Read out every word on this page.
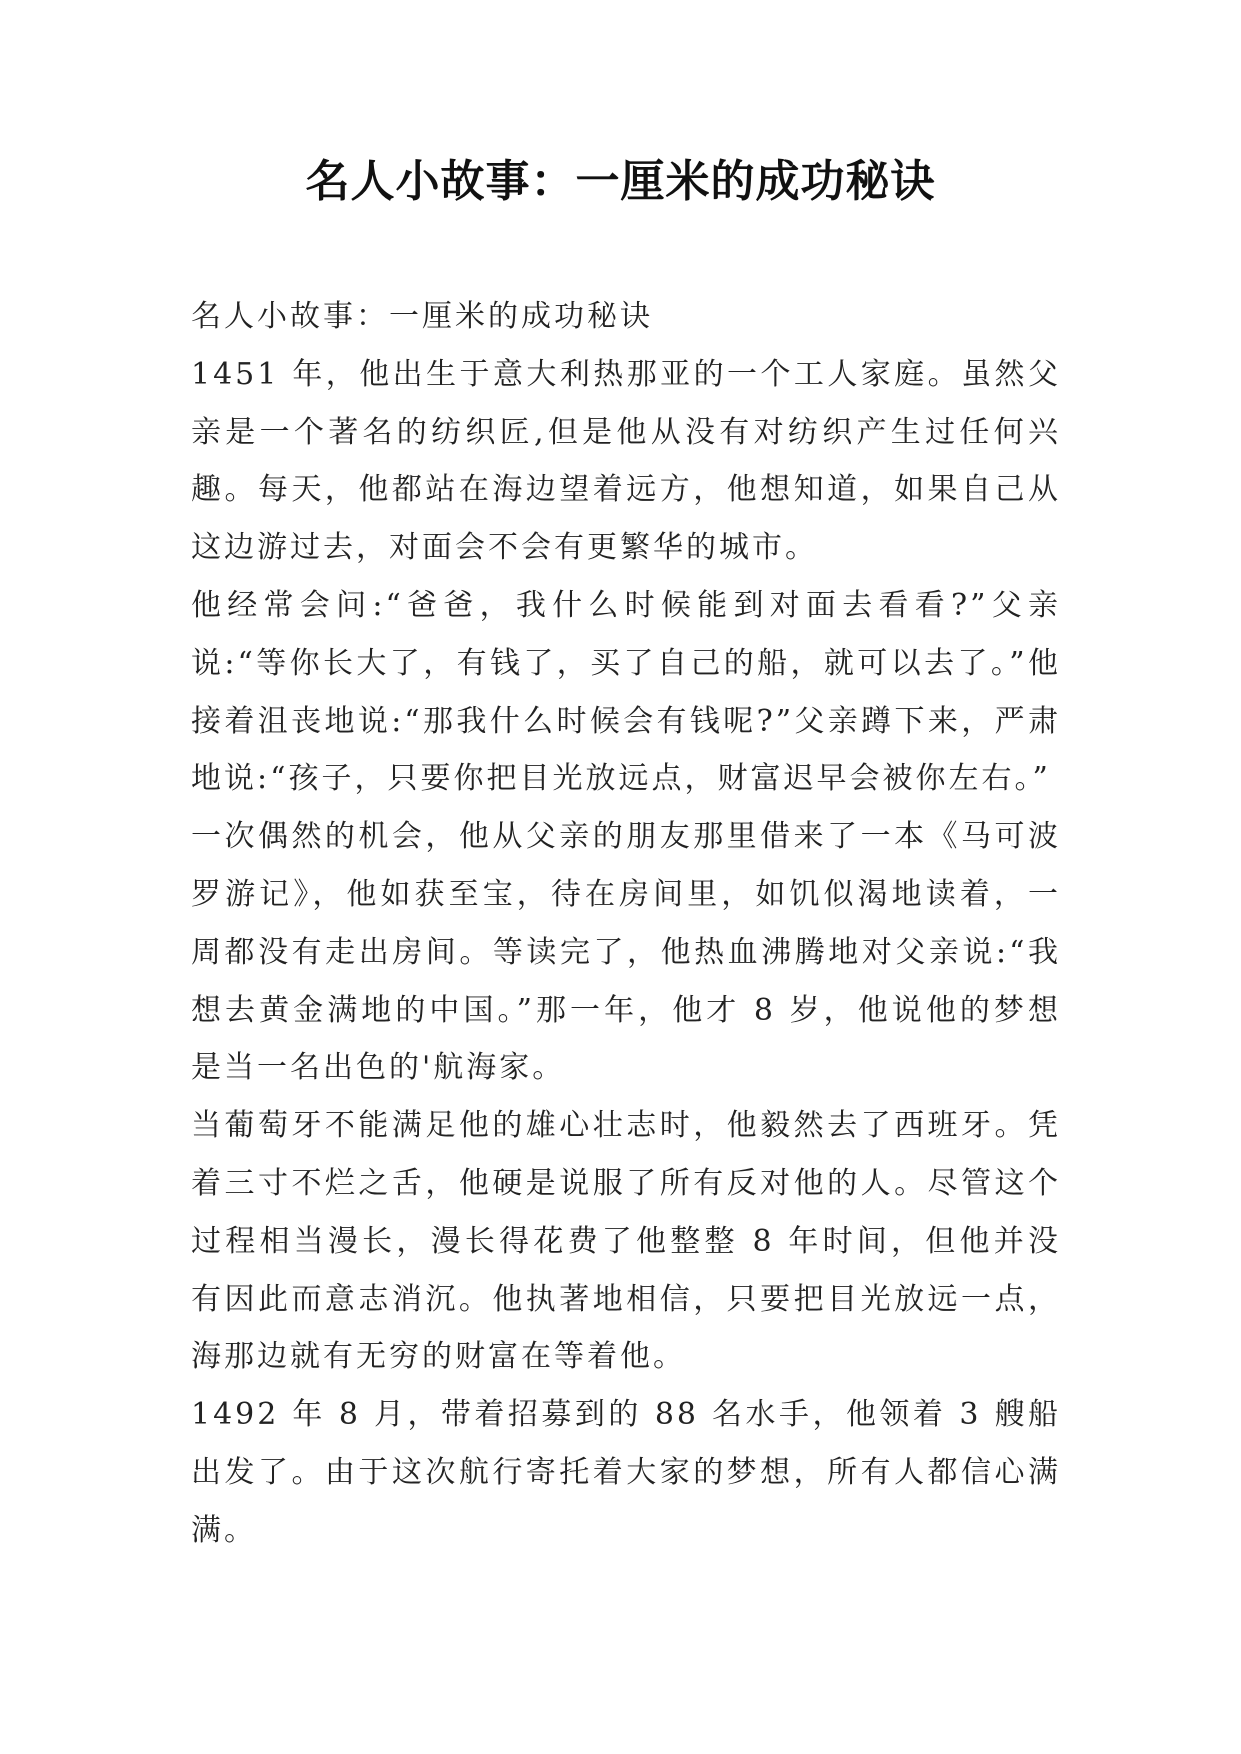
名人小故事：一厘米的成功秘诀

名人小故事：一厘米的成功秘诀

1451 年，他出生于意大利热那亚的一个工人家庭。虽然父亲是一个著名的纺织匠,但是他从没有对纺织产生过任何兴趣。每天，他都站在海边望着远方，他想知道，如果自己从这边游过去，对面会不会有更繁华的城市。

他经常会问:“爸爸，我什么时候能到对面去看看?”父亲说:“等你长大了，有钱了，买了自己的船，就可以去了。”他接着沮丧地说:“那我什么时候会有钱呢?”父亲蹲下来，严肃地说:“孩子，只要你把目光放远点，财富迟早会被你左右。”

一次偶然的机会，他从父亲的朋友那里借来了一本《马可波罗游记》，他如获至宝，待在房间里，如饥似渴地读着，一周都没有走出房间。等读完了，他热血沸腾地对父亲说:“我想去黄金满地的中国。”那一年，他才 8 岁，他说他的梦想是当一名出色的'航海家。

当葡萄牙不能满足他的雄心壮志时，他毅然去了西班牙。凭着三寸不烂之舌，他硬是说服了所有反对他的人。尽管这个过程相当漫长，漫长得花费了他整整 8 年时间，但他并没有因此而意志消沉。他执著地相信，只要把目光放远一点，海那边就有无穷的财富在等着他。

1492 年 8 月，带着招募到的 88 名水手，他领着 3 艘船出发了。由于这次航行寄托着大家的梦想，所有人都信心满满。
